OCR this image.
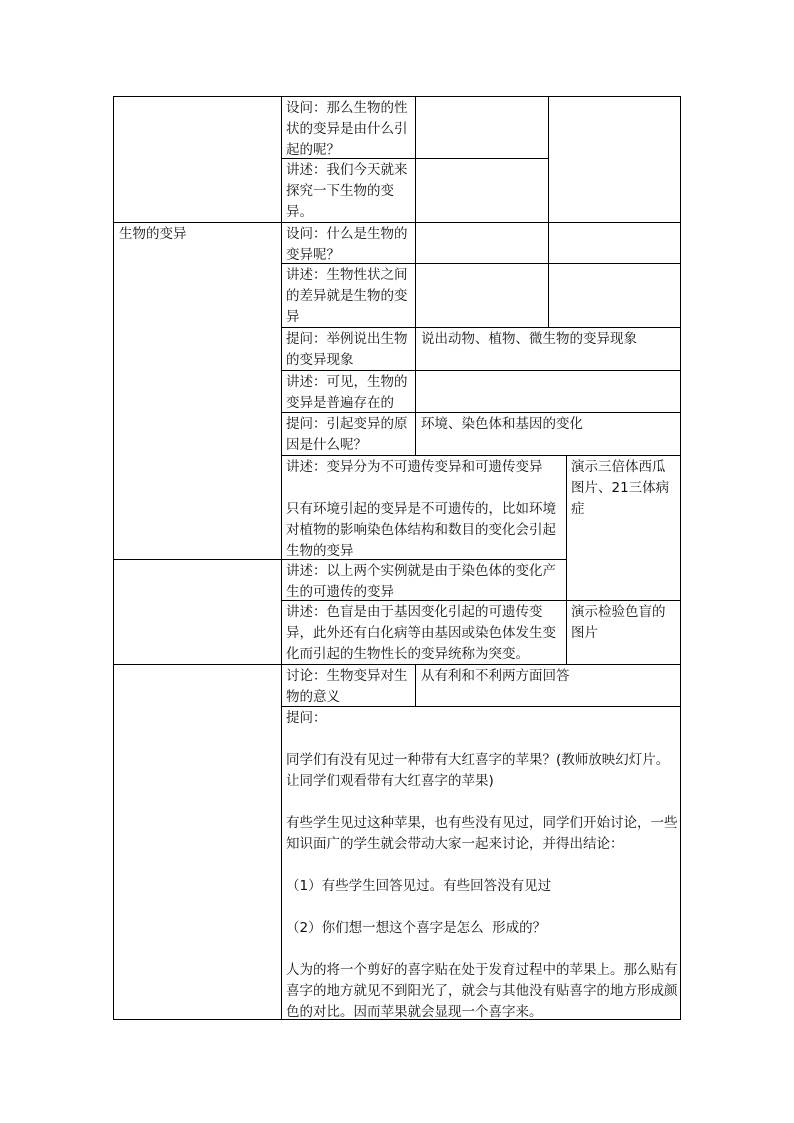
生物的变异
设问：那么生物的性状的变异是由什么引起的呢？
讲述：我们今天就来探究一下生物的变异。
设问：什么是生物的变异呢？
讲述：生物性状之间的差异就是生物的变异
提问：举例说出生物的变异现象
讲述：可见，生物的变异是普遍存在的
提问：引起变异的原因是什么呢？
讲述：变异分为不可遗传变异和可遗传变异

只有环境引起的变异是不可遗传的，比如环境对植物的影响染色体结构和数目的变化会引起生物的变异
讲述：以上两个实例就是由于染色体的变化产生的可遗传的变异
讲述：色盲是由于基因变化引起的可遗传变异，此外还有白化病等由基因或染色体发生变化而引起的生物性长的变异统称为突变。
讨论：生物变异对生物的意义
说出动物、植物、微生物的变异现象
环境、染色体和基因的变化
从有利和不利两方面回答
演示三倍体西瓜图片、21三体病症
演示检验色盲的图片
提问：
同学们有没有见过一种带有大红喜字的苹果？(教师放映幻灯片。让同学们观看带有大红喜字的苹果)
有些学生见过这种苹果，也有些没有见过，同学们开始讨论，一些知识面广的学生就会带动大家一起来讨论，并得出结论：
（1）有些学生回答见过。有些回答没有见过
（2）你们想一想这个喜字是怎么  形成的？
人为的将一个剪好的喜字贴在处于发育过程中的苹果上。那么贴有喜字的地方就见不到阳光了，就会与其他没有贴喜字的地方形成颜色的对比。因而苹果就会显现一个喜字来。
